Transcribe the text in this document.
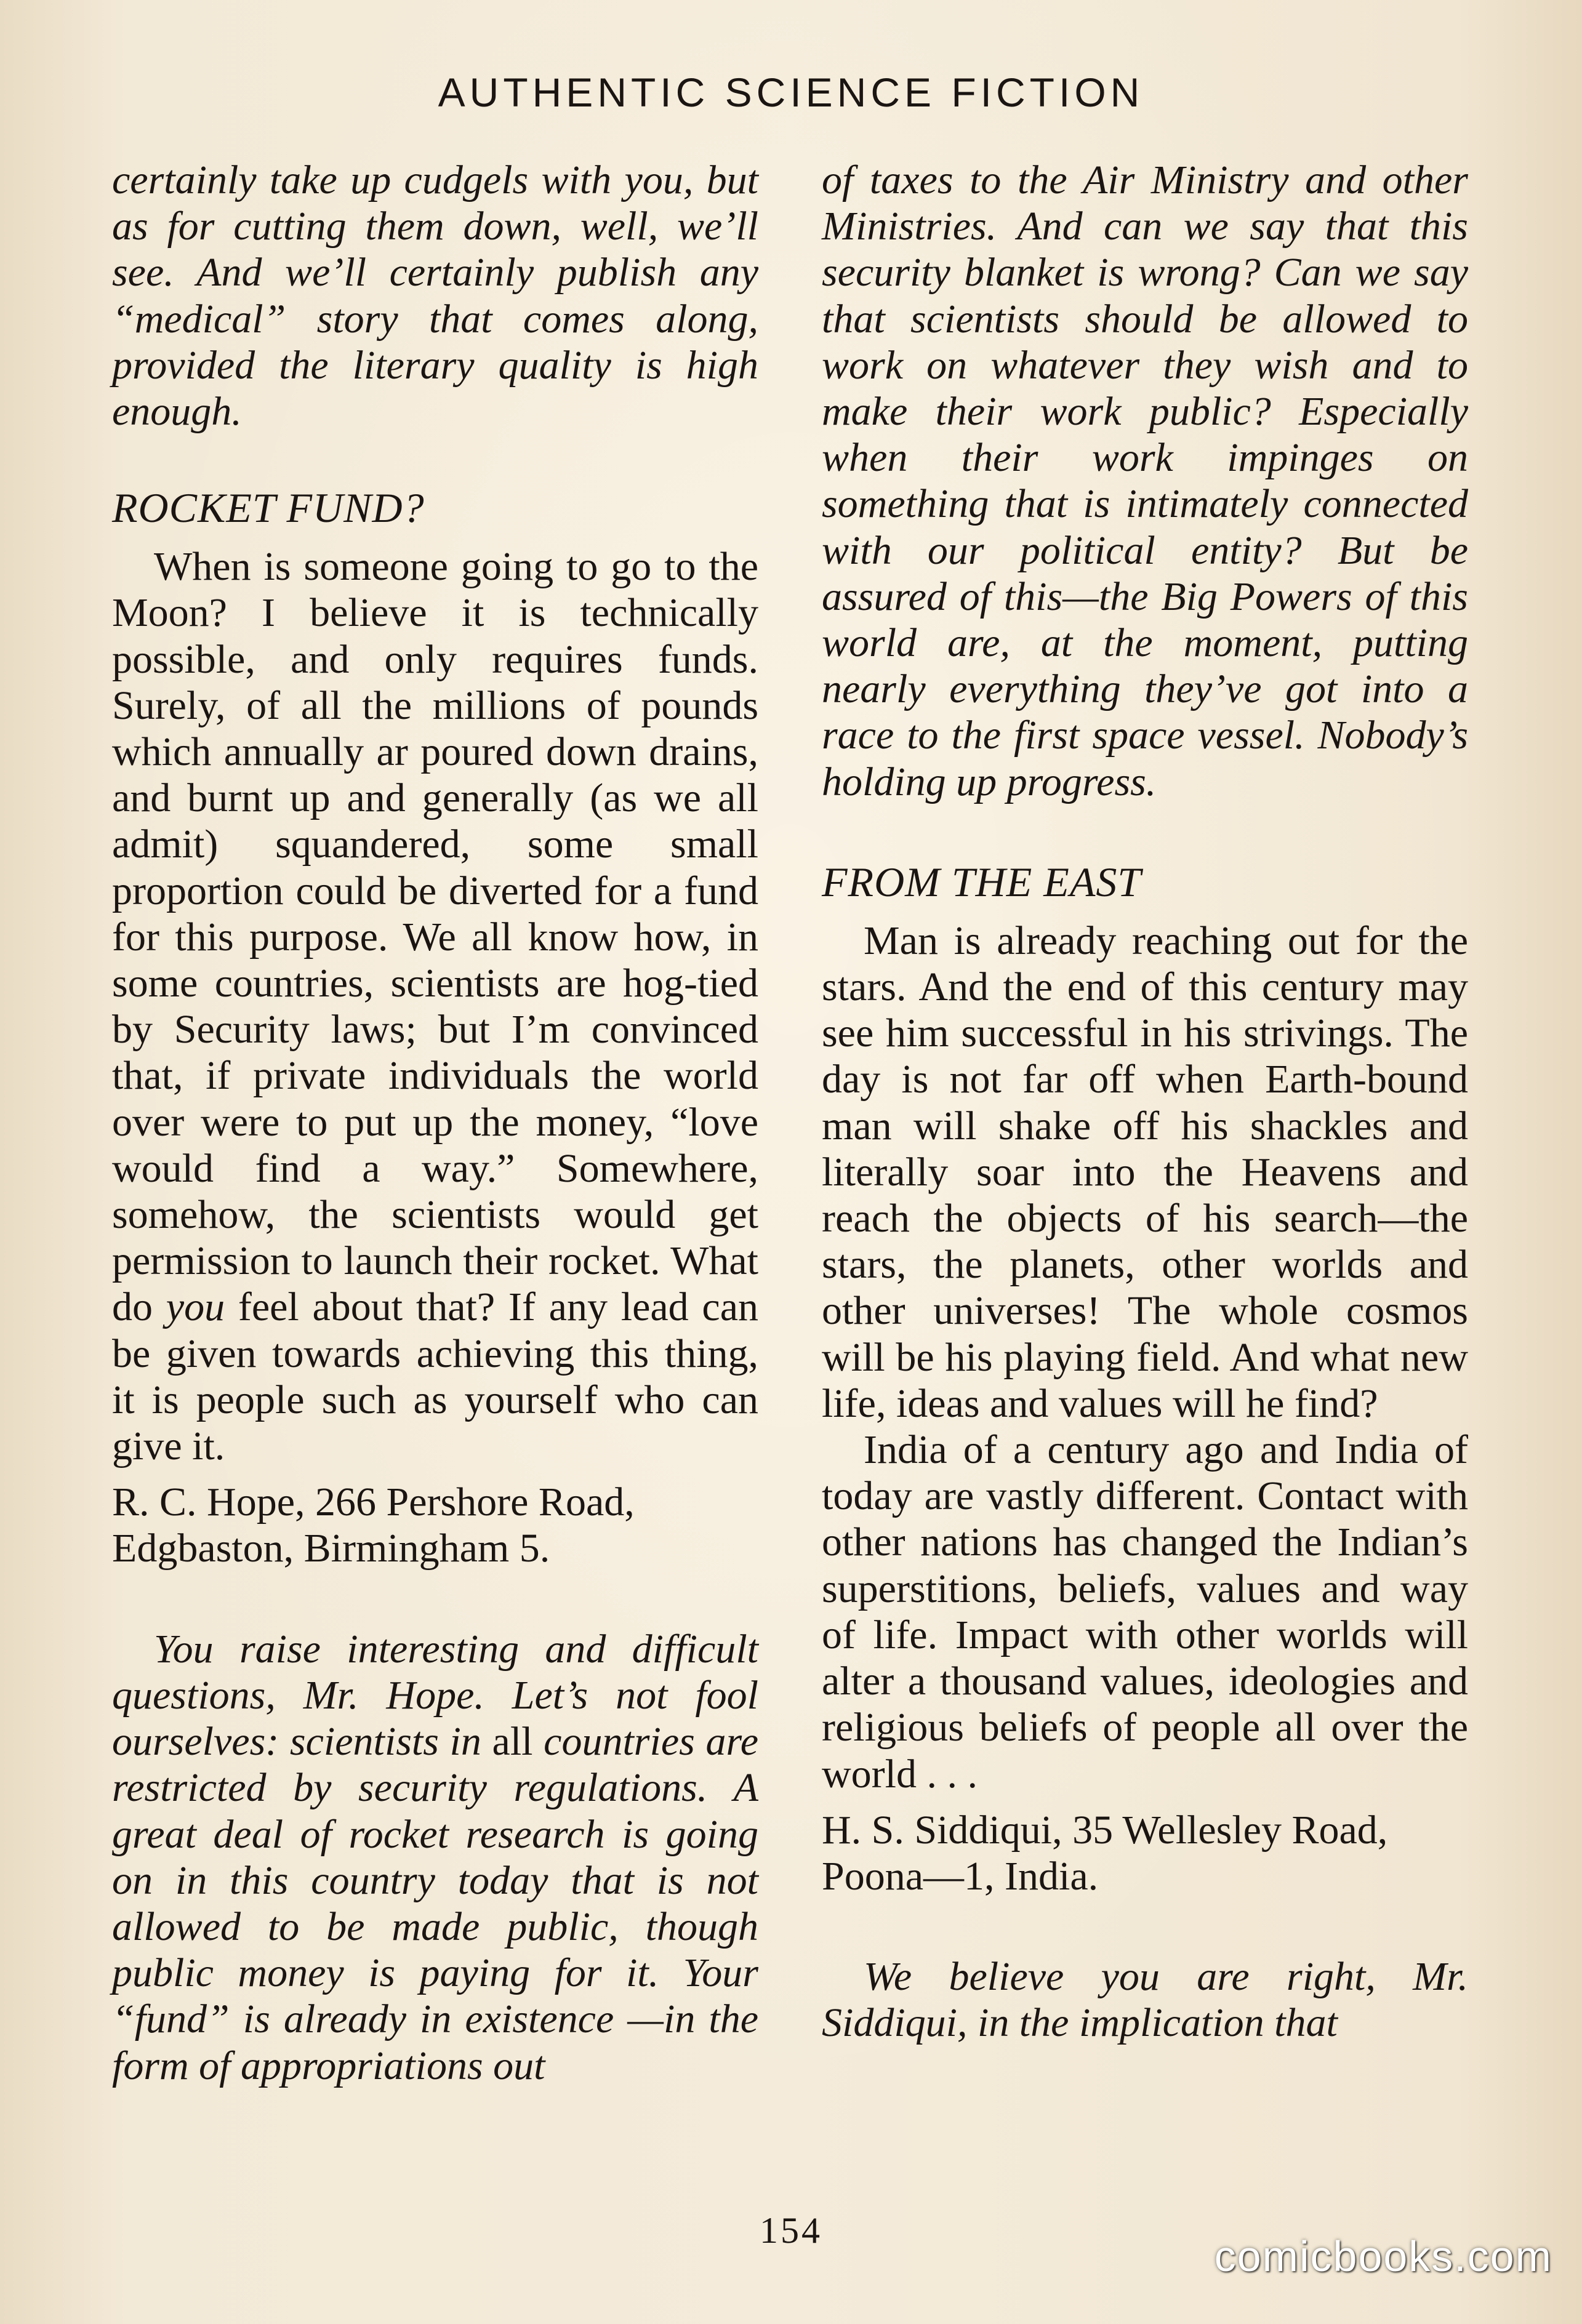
AUTHENTIC SCIENCE FICTION

certainly take up cudgels with you, but as for cutting them down, well, we’ll see. And we’ll certainly publish any “medical” story that comes along, provided the literary quality is high enough.

ROCKET FUND?

When is someone going to go to the Moon? I believe it is technically possible, and only requires funds. Surely, of all the millions of pounds which annually ar poured down drains, and burnt up and generally (as we all admit) squandered, some small proportion could be diverted for a fund for this purpose. We all know how, in some countries, scientists are hog-tied by Security laws; but I’m convinced that, if private individuals the world over were to put up the money, “love would find a way.” Somewhere, somehow, the scientists would get permission to launch their rocket. What do you feel about that? If any lead can be given towards achieving this thing, it is people such as yourself who can give it.

R. C. Hope, 266 Pershore Road,

Edgbaston, Birmingham 5.

You raise interesting and difficult questions, Mr. Hope. Let’s not fool ourselves: scientists in all countries are restricted by security regulations. A great deal of rocket research is going on in this country today that is not allowed to be made public, though public money is paying for it. Your “fund” is already in existence —in the form of appropriations out

of taxes to the Air Ministry and other Ministries. And can we say that this security blanket is wrong? Can we say that scientists should be allowed to work on whatever they wish and to make their work public? Especially when their work impinges on something that is intimately connected with our political entity? But be assured of this—the Big Powers of this world are, at the moment, putting nearly everything they’ve got into a race to the first space vessel. Nobody’s holding up progress.

FROM THE EAST

Man is already reaching out for the stars. And the end of this century may see him successful in his strivings. The day is not far off when Earth-bound man will shake off his shackles and literally soar into the Heavens and reach the objects of his search—the stars, the planets, other worlds and other universes! The whole cosmos will be his playing field. And what new life, ideas and values will he find?

India of a century ago and India of today are vastly different. Contact with other nations has changed the Indian’s superstitions, beliefs, values and way of life. Impact with other worlds will alter a thousand values, ideologies and religious beliefs of people all over the world . . .

H. S. Siddiqui, 35 Wellesley Road,

Poona—1, India.

We believe you are right, Mr. Siddiqui, in the implication that

154
comicbooks.com
